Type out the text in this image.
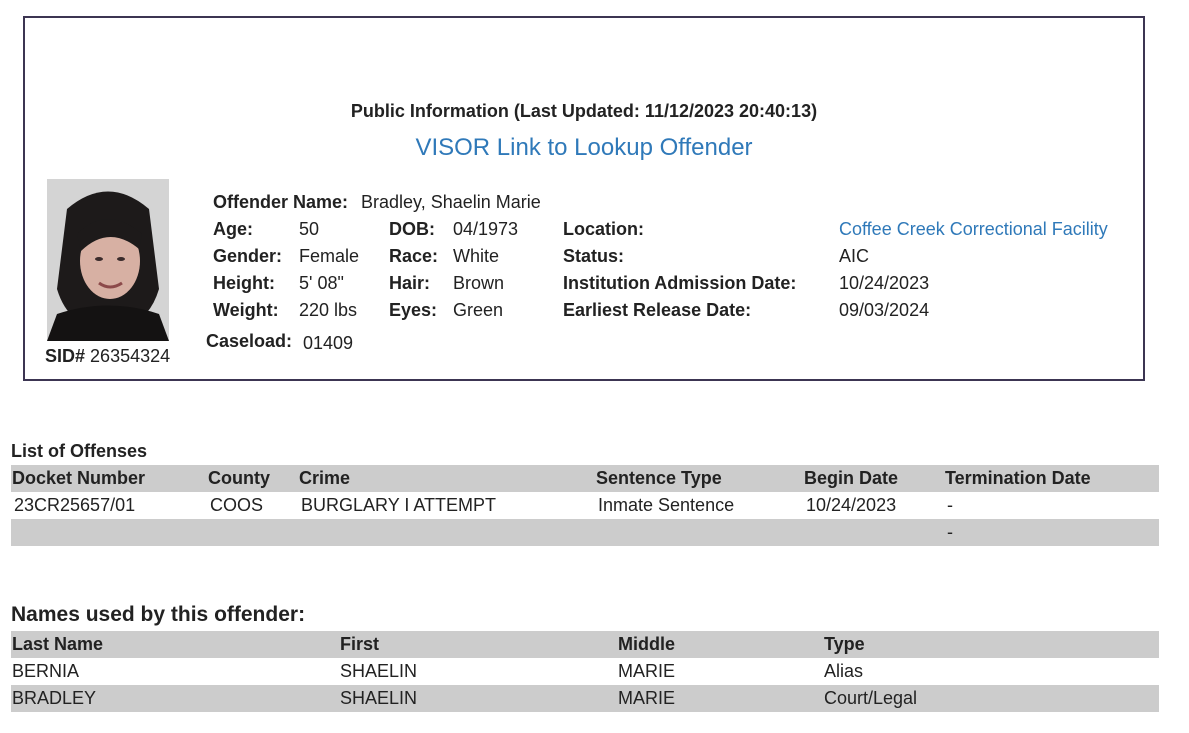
Public Information (Last Updated: 11/12/2023 20:40:13)
VISOR Link to Lookup Offender
SID# 26354324
Offender Name: Bradley, Shaelin Marie
Age:	50	DOB: 04/1973 Location:	Coffee Creek Correctional Facility
Gender: Female Race: White	Status:	AIC
Height: 5' 08"	Hair: Brown	Institution Admission Date: 10/24/2023
Weight: 220 lbs Eyes: Green	Earliest Release Date:	09/03/2024
Caseload: 01409
List of Offenses
Docket Number	County	Crime	Sentence Type	Begin Date	Termination Date
23CR25657/01	COOS	BURGLARY I ATTEMPT	Inmate Sentence	10/24/2023	-
					-
Names used by this offender:
Last Name	First	Middle	Type
BERNIA	SHAELIN	MARIE	Alias
BRADLEY	SHAELIN	MARIE	Court/Legal
